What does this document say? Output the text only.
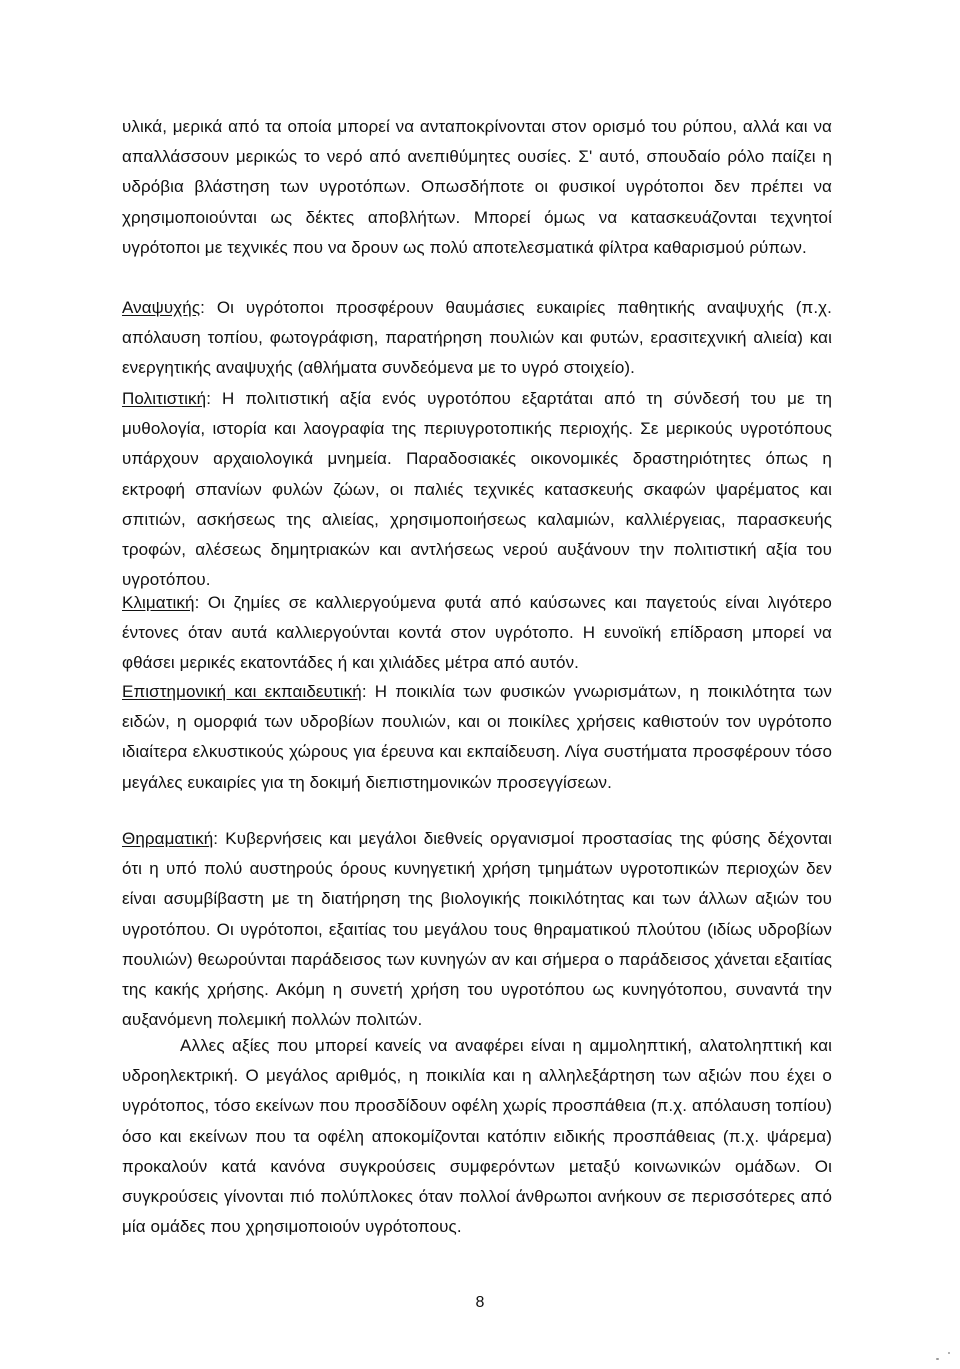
υλικά, μερικά από τα οποία μπορεί να ανταποκρίνονται στον ορισμό του ρύπου, αλλά και να απαλλάσσουν μερικώς το νερό από ανεπιθύμητες ουσίες. Σ' αυτό, σπουδαίο ρόλο παίζει η υδρόβια βλάστηση των υγροτόπων. Οπωσδήποτε οι φυσικοί υγρότοποι δεν πρέπει να χρησιμοποιούνται ως δέκτες αποβλήτων. Μπορεί όμως να κατασκευάζονται τεχνητοί υγρότοποι με τεχνικές που να δρουν ως πολύ αποτελεσματικά φίλτρα καθαρισμού ρύπων.

Αναψυχής: Οι υγρότοποι προσφέρουν θαυμάσιες ευκαιρίες παθητικής αναψυχής (π.χ. απόλαυση τοπίου, φωτογράφιση, παρατήρηση πουλιών και φυτών, ερασιτεχνική αλιεία) και ενεργητικής αναψυχής (αθλήματα συνδεόμενα με το υγρό στοιχείο).

Πολιτιστική: Η πολιτιστική αξία ενός υγροτόπου εξαρτάται από τη σύνδεσή του με τη μυθολογία, ιστορία και λαογραφία της περιυγροτοπικής περιοχής. Σε μερικούς υγροτόπους υπάρχουν αρχαιολογικά μνημεία. Παραδοσιακές οικονομικές δραστηριότητες όπως η εκτροφή σπανίων φυλών ζώων, οι παλιές τεχνικές κατασκευής σκαφών ψαρέματος και σπιτιών, ασκήσεως της αλιείας, χρησιμοποιήσεως καλαμιών, καλλιέργειας, παρασκευής τροφών, αλέσεως δημητριακών και αντλήσεως νερού αυξάνουν την πολιτιστική αξία του υγροτόπου.

Κλιματική: Οι ζημίες σε καλλιεργούμενα φυτά από καύσωνες και παγετούς είναι λιγότερο έντονες όταν αυτά καλλιεργούνται κοντά στον υγρότοπο. Η ευνοϊκή επίδραση μπορεί να φθάσει μερικές εκατοντάδες ή και χιλιάδες μέτρα από αυτόν.

Επιστημονική και εκπαιδευτική: Η ποικιλία των φυσικών γνωρισμάτων, η ποικιλότητα των ειδών, η ομορφιά των υδροβίων πουλιών, και οι ποικίλες χρήσεις καθιστούν τον υγρότοπο ιδιαίτερα ελκυστικούς χώρους για έρευνα και εκπαίδευση. Λίγα συστήματα προσφέρουν τόσο μεγάλες ευκαιρίες για τη δοκιμή διεπιστημονικών προσεγγίσεων.

Θηραματική: Κυβερνήσεις και μεγάλοι διεθνείς οργανισμοί προστασίας της φύσης δέχονται ότι η υπό πολύ αυστηρούς όρους κυνηγετική χρήση τμημάτων υγροτοπικών περιοχών δεν είναι ασυμβίβαστη με τη διατήρηση της βιολογικής ποικιλότητας και των άλλων αξιών του υγροτόπου. Οι υγρότοποι, εξαιτίας του μεγάλου τους θηραματικού πλούτου (ιδίως υδροβίων πουλιών) θεωρούνται παράδεισος των κυνηγών αν και σήμερα ο παράδεισος χάνεται εξαιτίας της κακής χρήσης. Ακόμη η συνετή χρήση του υγροτόπου ως κυνηγότοπου, συναντά την αυξανόμενη πολεμική πολλών πολιτών.

Αλλες αξίες που μπορεί κανείς να αναφέρει είναι η αμμοληπτική, αλατοληπτική και υδροηλεκτρική. Ο μεγάλος αριθμός, η ποικιλία και η αλληλεξάρτηση των αξιών που έχει ο υγρότοπος, τόσο εκείνων που προσδίδουν οφέλη χωρίς προσπάθεια (π.χ. απόλαυση τοπίου) όσο και εκείνων που τα οφέλη αποκομίζονται κατόπιν ειδικής προσπάθειας (π.χ. ψάρεμα) προκαλούν κατά κανόνα συγκρούσεις συμφερόντων μεταξύ κοινωνικών ομάδων. Οι συγκρούσεις γίνονται πιό πολύπλοκες όταν πολλοί άνθρωποι ανήκουν σε περισσότερες από μία ομάδες που χρησιμοποιούν υγρότοπους.

8
